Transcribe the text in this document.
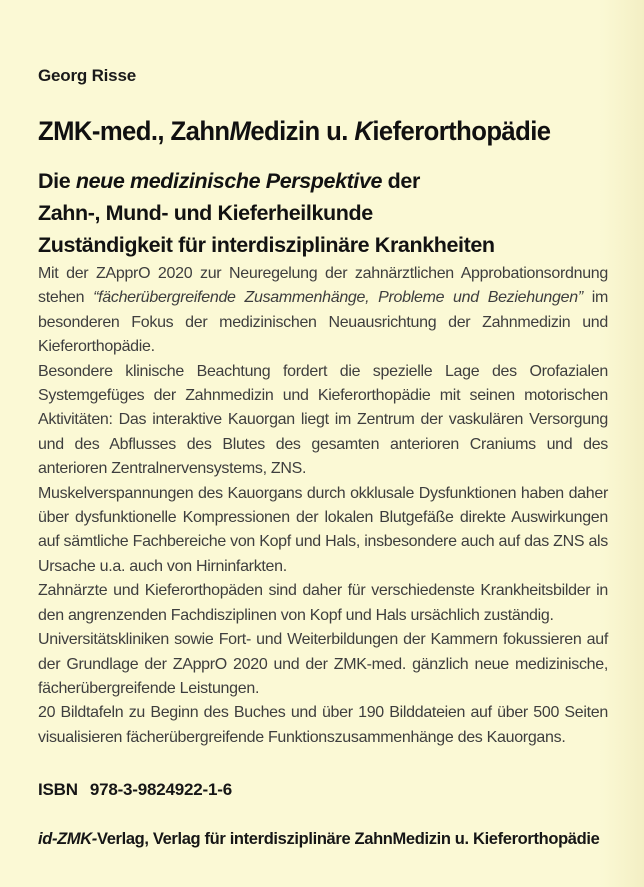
Georg Risse
ZMK-med., ZahnMedizin u. Kieferorthopädie
Die neue medizinische Perspektive der
Zahn-, Mund- und Kieferheilkunde
Zuständigkeit für interdisziplinäre Krankheiten

Mit der ZApprO 2020 zur Neuregelung der zahnärztlichen Approbationsordnung stehen “fächerübergreifende Zusammenhänge, Probleme und Beziehungen” im besonderen Fokus der medizinischen Neuausrichtung der Zahnmedizin und Kieferorthopädie.

Besondere klinische Beachtung fordert die spezielle Lage des Orofazialen Systemgefüges der Zahnmedizin und Kieferorthopädie mit seinen motorischen Aktivitäten: Das interaktive Kauorgan liegt im Zentrum der vaskulären Versorgung und des Abflusses des Blutes des gesamten anterioren Craniums und des anterioren Zentralnervensystems, ZNS.

Muskelverspannungen des Kauorgans durch okklusale Dysfunktionen haben daher über dysfunktionelle Kompressionen der lokalen Blutgefäße direkte Auswirkungen auf sämtliche Fachbereiche von Kopf und Hals, insbesondere auch auf das ZNS als Ursache u.a. auch von Hirninfarkten.

Zahnärzte und Kieferorthopäden sind daher für verschiedenste Krankheitsbilder in den angrenzenden Fachdisziplinen von Kopf und Hals ursächlich zuständig.

Universitätskliniken sowie Fort- und Weiterbildungen der Kammern fokussieren auf der Grundlage der ZApprO 2020 und der ZMK-med. gänzlich neue medizinische, fächerübergreifende Leistungen.

20 Bildtafeln zu Beginn des Buches und über 190 Bilddateien auf über 500 Seiten visualisieren fächerübergreifende Funktionszusammenhänge des Kauorgans.

ISBN 978-3-9824922-1-6
id-ZMK-Verlag, Verlag für interdisziplinäre ZahnMedizin u. Kieferorthopädie
